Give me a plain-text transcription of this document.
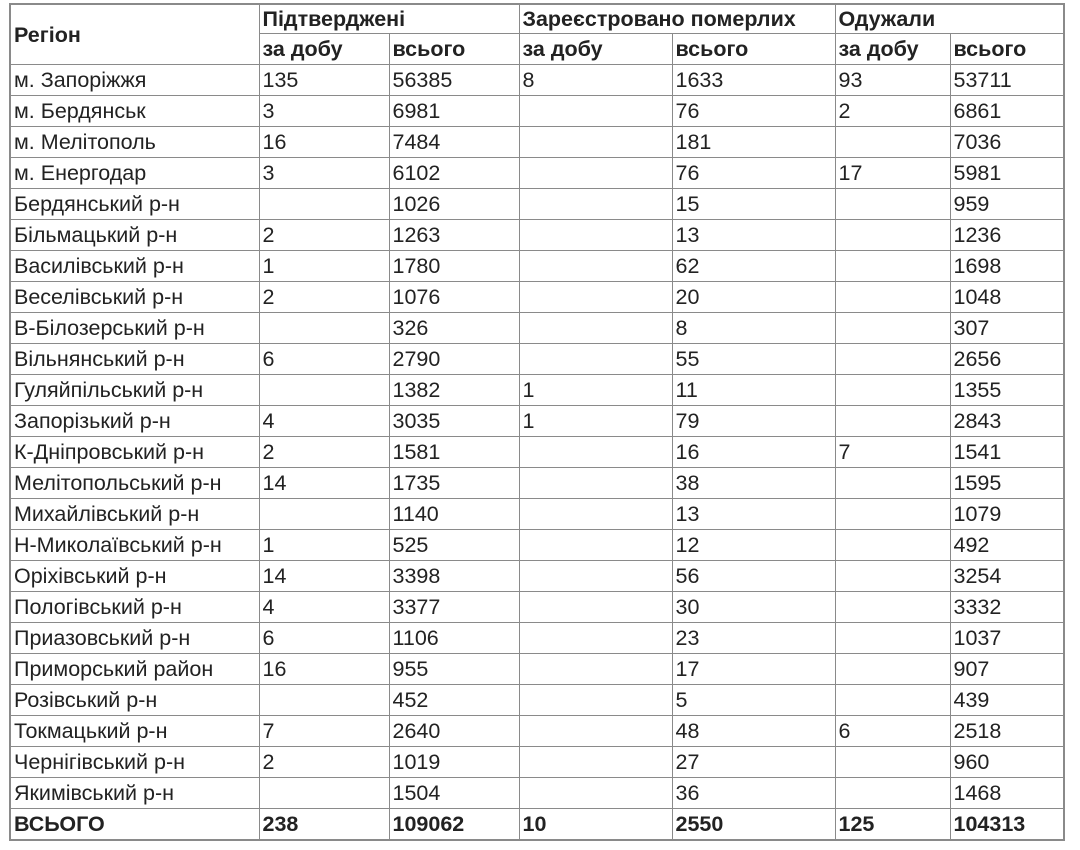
Регіон	Підтверджені		Зареєстровано померлих		Одужали	
	за добу	всього	за добу	всього	за добу	всього
м. Запоріжжя	135	56385	8	1633	93	53711
м. Бердянськ	3	6981		76	2	6861
м. Мелітополь	16	7484		181		7036
м. Енергодар	3	6102		76	17	5981
Бердянський р-н		1026		15		959
Більмацький р-н	2	1263		13		1236
Василівський р-н	1	1780		62		1698
Веселівський р-н	2	1076		20		1048
В-Білозерський р-н		326		8		307
Вільнянський р-н	6	2790		55		2656
Гуляйпільський р-н		1382	1	11		1355
Запорізький р-н	4	3035	1	79		2843
К-Дніпровський р-н	2	1581		16	7	1541
Мелітопольський р-н	14	1735		38		1595
Михайлівський р-н		1140		13		1079
Н-Миколаївський р-н	1	525		12		492
Оріхівський р-н	14	3398		56		3254
Пологівський р-н	4	3377		30		3332
Приазовський р-н	6	1106		23		1037
Приморський район	16	955		17		907
Розівський р-н		452		5		439
Токмацький р-н	7	2640		48	6	2518
Чернігівський р-н	2	1019		27		960
Якимівський р-н		1504		36		1468
ВСЬОГО	238	109062	10	2550	125	104313
